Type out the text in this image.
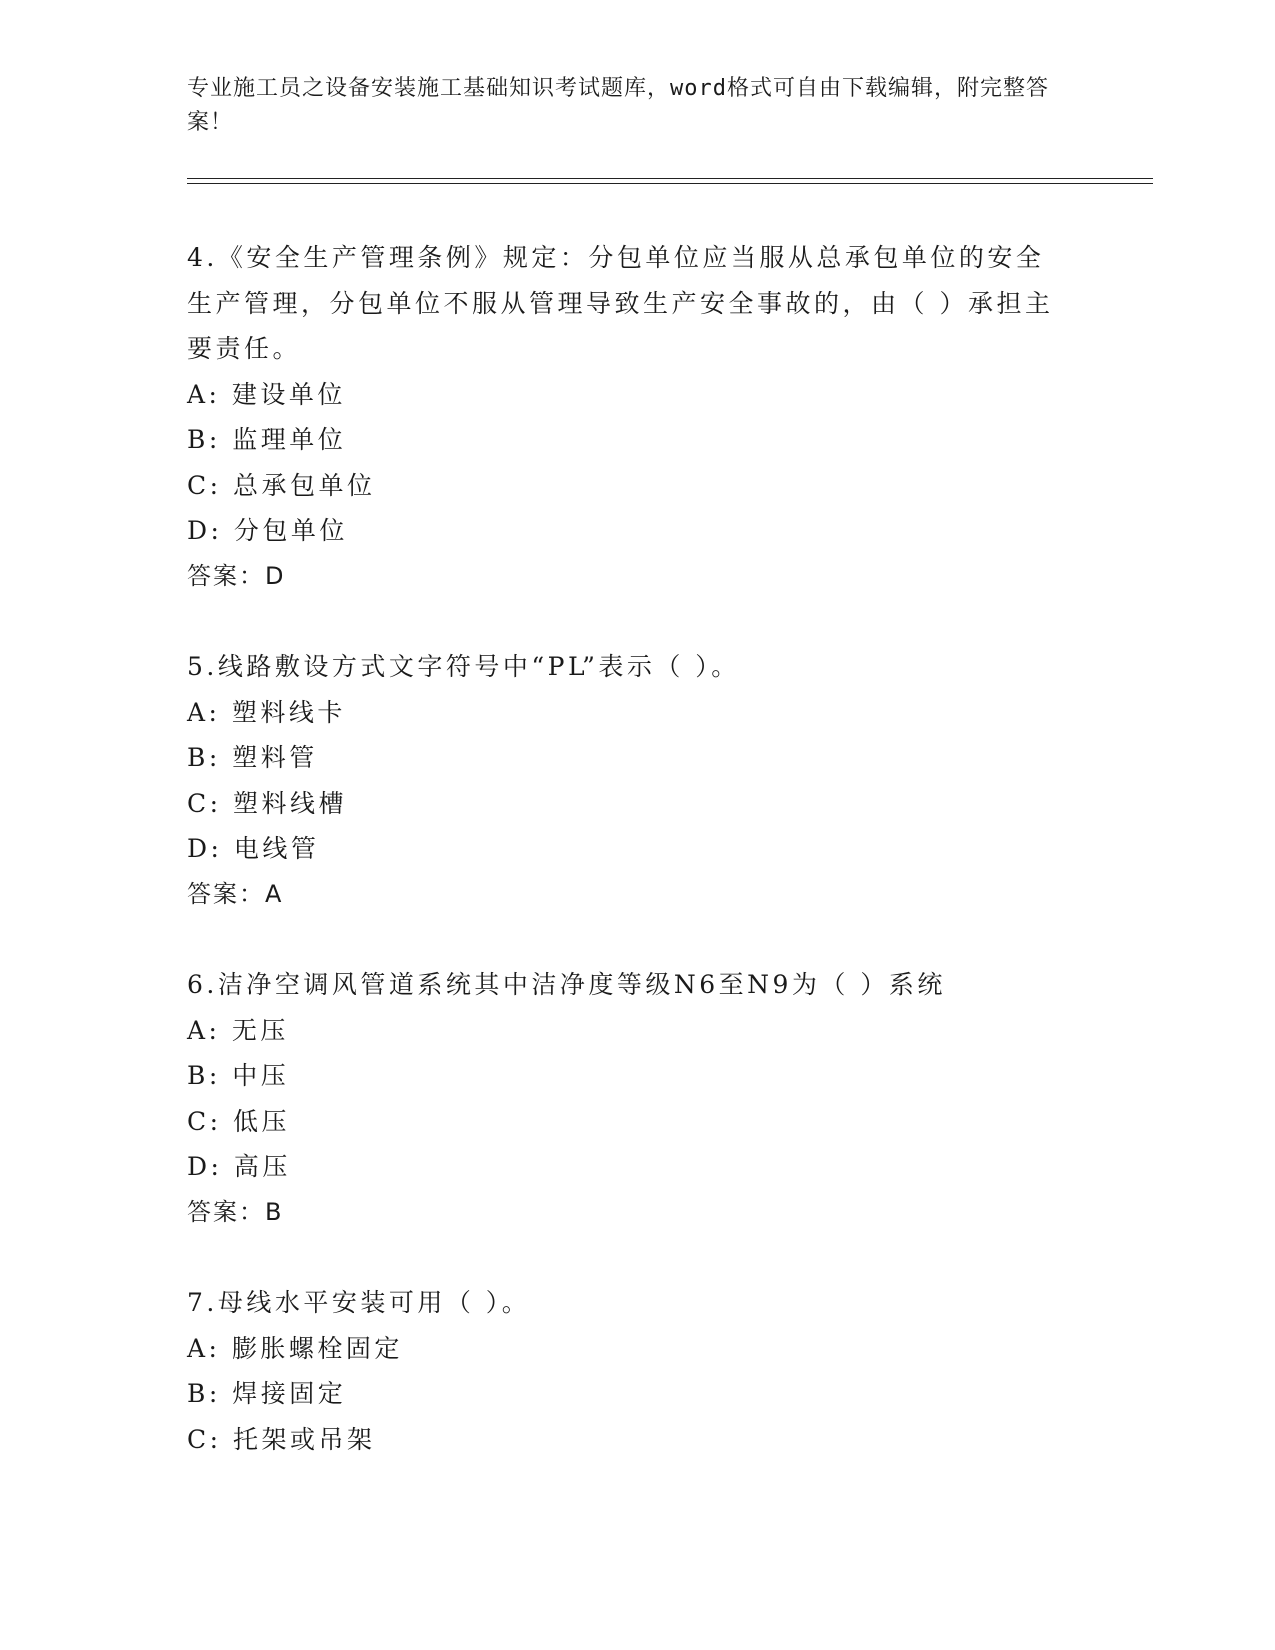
专业施工员之设备安装施工基础知识考试题库，word格式可自由下载编辑，附完整答案！
4.《安全生产管理条例》规定：分包单位应当服从总承包单位的安全生产管理，分包单位不服从管理导致生产安全事故的，由（ ）承担主要责任。
A: 建设单位
B: 监理单位
C: 总承包单位
D: 分包单位
答案：D
5.线路敷设方式文字符号中“PL”表示（ ）。
A: 塑料线卡
B: 塑料管
C: 塑料线槽
D: 电线管
答案：A
6.洁净空调风管道系统其中洁净度等级N6至N9为（ ）系统
A: 无压
B: 中压
C: 低压
D: 高压
答案：B
7.母线水平安装可用（ ）。
A: 膨胀螺栓固定
B: 焊接固定
C: 托架或吊架
